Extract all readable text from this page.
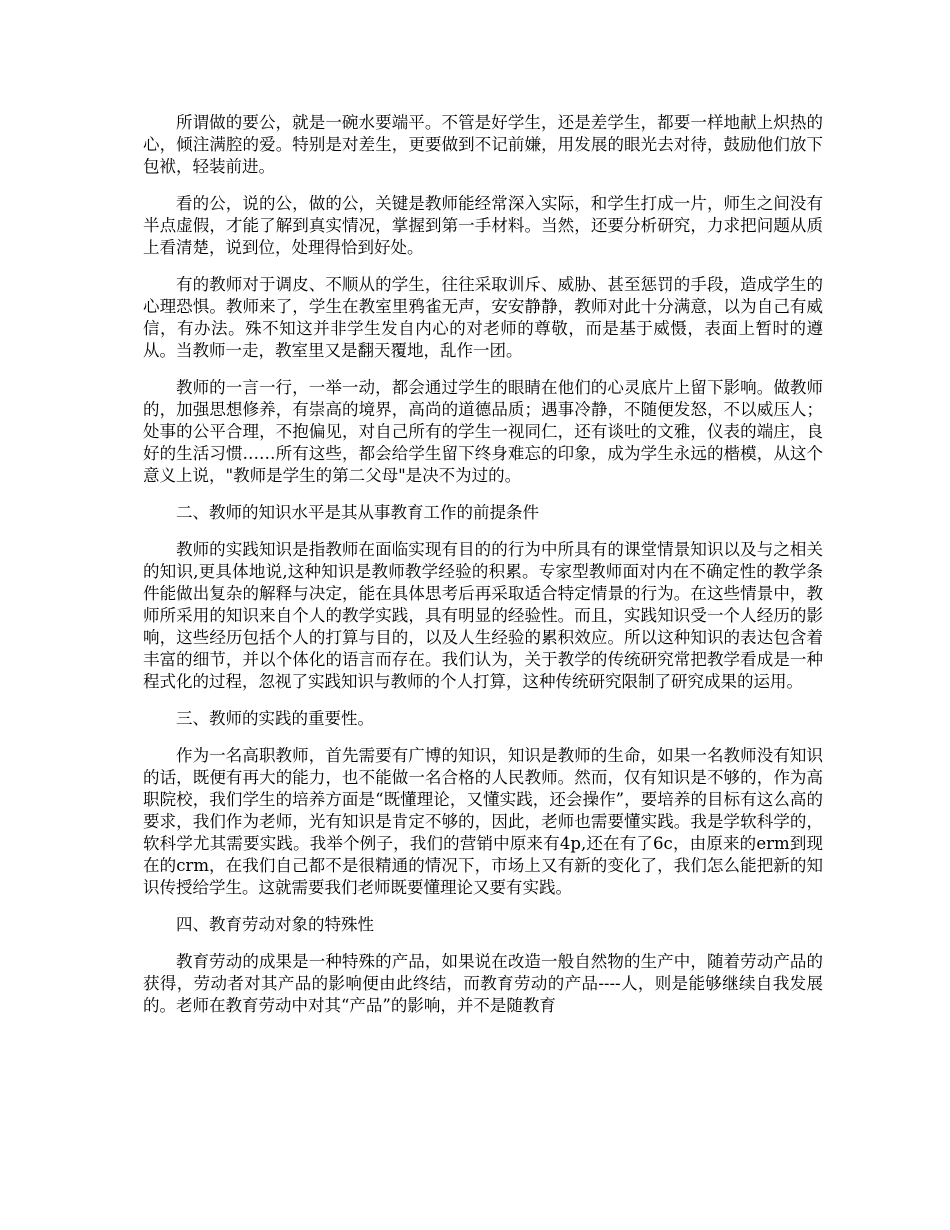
所谓做的要公，就是一碗水要端平。不管是好学生，还是差学生，都要一样地献上炽热的心，倾注满腔的爱。特别是对差生，更要做到不记前嫌，用发展的眼光去对待，鼓励他们放下包袱，轻装前进。

看的公，说的公，做的公，关键是教师能经常深入实际，和学生打成一片，师生之间没有半点虚假，才能了解到真实情况，掌握到第一手材料。当然，还要分析研究，力求把问题从质上看清楚，说到位，处理得恰到好处。

有的教师对于调皮、不顺从的学生，往往采取训斥、威胁、甚至惩罚的手段，造成学生的心理恐惧。教师来了，学生在教室里鸦雀无声，安安静静，教师对此十分满意，以为自己有威信，有办法。殊不知这并非学生发自内心的对老师的尊敬，而是基于威慑，表面上暂时的遵从。当教师一走，教室里又是翻天覆地，乱作一团。

教师的一言一行，一举一动，都会通过学生的眼睛在他们的心灵底片上留下影响。做教师的，加强思想修养，有崇高的境界，高尚的道德品质；遇事冷静，不随便发怒，不以威压人；处事的公平合理，不抱偏见，对自己所有的学生一视同仁，还有谈吐的文雅，仪表的端庄，良好的生活习惯……所有这些，都会给学生留下终身难忘的印象，成为学生永远的楷模，从这个意义上说，"教师是学生的第二父母"是决不为过的。

二、教师的知识水平是其从事教育工作的前提条件

教师的实践知识是指教师在面临实现有目的的行为中所具有的课堂情景知识以及与之相关的知识,更具体地说,这种知识是教师教学经验的积累。专家型教师面对内在不确定性的教学条件能做出复杂的解释与决定，能在具体思考后再采取适合特定情景的行为。在这些情景中，教师所采用的知识来自个人的教学实践，具有明显的经验性。而且，实践知识受一个人经历的影响，这些经历包括个人的打算与目的，以及人生经验的累积效应。所以这种知识的表达包含着丰富的细节，并以个体化的语言而存在。我们认为，关于教学的传统研究常把教学看成是一种程式化的过程，忽视了实践知识与教师的个人打算，这种传统研究限制了研究成果的运用。

三、教师的实践的重要性。

作为一名高职教师，首先需要有广博的知识，知识是教师的生命，如果一名教师没有知识的话，既便有再大的能力，也不能做一名合格的人民教师。然而，仅有知识是不够的，作为高职院校，我们学生的培养方面是“既懂理论，又懂实践，还会操作”，要培养的目标有这么高的要求，我们作为老师，光有知识是肯定不够的，因此，老师也需要懂实践。我是学软科学的，软科学尤其需要实践。我举个例子，我们的营销中原来有4p,还在有了6c，由原来的erm到现在的crm，在我们自己都不是很精通的情况下，市场上又有新的变化了，我们怎么能把新的知识传授给学生。这就需要我们老师既要懂理论又要有实践。

四、教育劳动对象的特殊性

教育劳动的成果是一种特殊的产品，如果说在改造一般自然物的生产中，随着劳动产品的获得，劳动者对其产品的影响便由此终结，而教育劳动的产品----人，则是能够继续自我发展的。老师在教育劳动中对其“产品”的影响，并不是随教育
